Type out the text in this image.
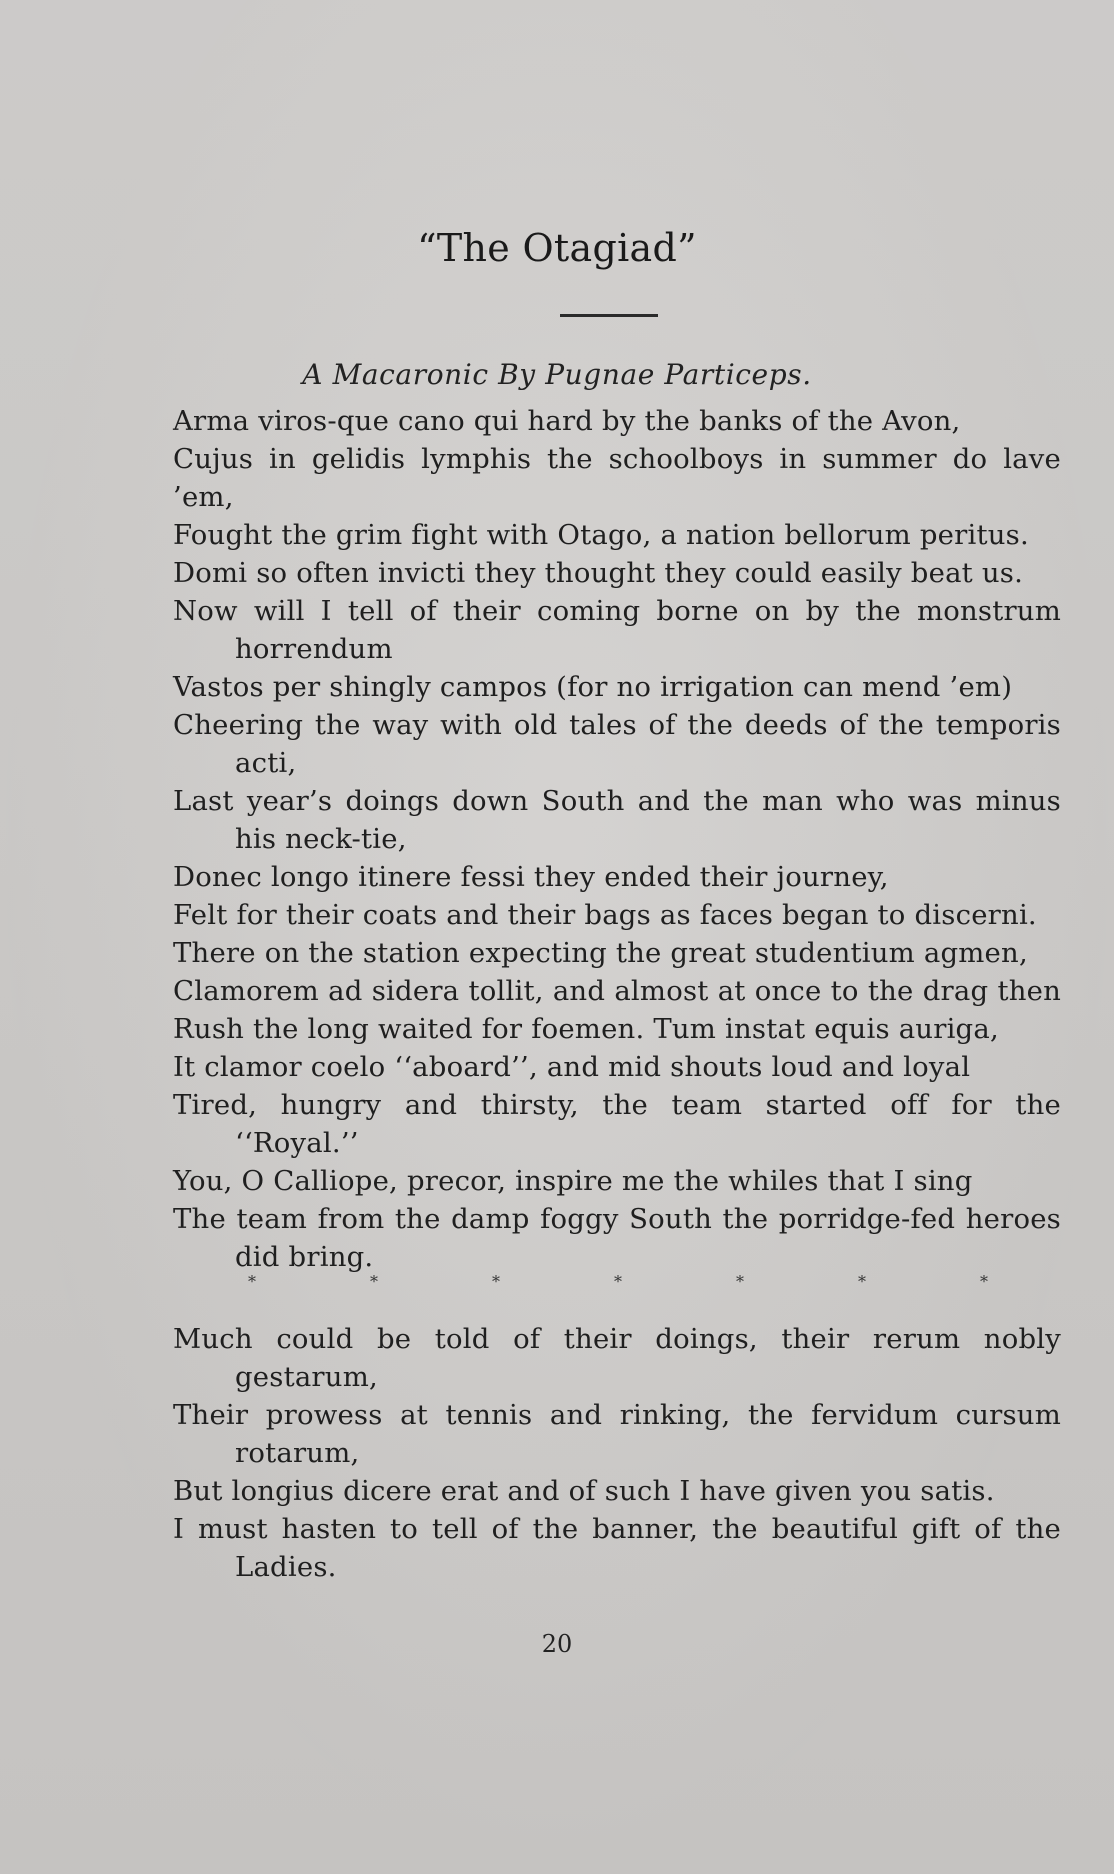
“The Otagiad”
A Macaronic By Pugnae Particeps.
Arma viros-que cano qui hard by the banks of the Avon,
Cujus in gelidis lymphis the schoolboys in summer do lave ’em,
Fought the grim fight with Otago, a nation bellorum peritus.
Domi so often invicti they thought they could easily beat us.
Now will I tell of their coming borne on by the monstrum
horrendum
Vastos per shingly campos (for no irrigation can mend ’em)
Cheering the way with old tales of the deeds of the temporis
acti,
Last year’s doings down South and the man who was minus
his neck-tie,
Donec longo itinere fessi they ended their journey,
Felt for their coats and their bags as faces began to discerni.
There on the station expecting the great studentium agmen,
Clamorem ad sidera tollit, and almost at once to the drag then
Rush the long waited for foemen. Tum instat equis auriga,
It clamor coelo ‘‘aboard’’, and mid shouts loud and loyal
Tired, hungry and thirsty, the team started off for the
‘‘Royal.’’
You, O Calliope, precor, inspire me the whiles that I sing
The team from the damp foggy South the porridge-fed heroes
did bring.
*	*	*	*	*	*	*
Much could be told of their doings, their rerum nobly
gestarum,
Their prowess at tennis and rinking, the fervidum cursum
rotarum,
But longius dicere erat and of such I have given you satis.
I must hasten to tell of the banner, the beautiful gift of the
Ladies.
20
